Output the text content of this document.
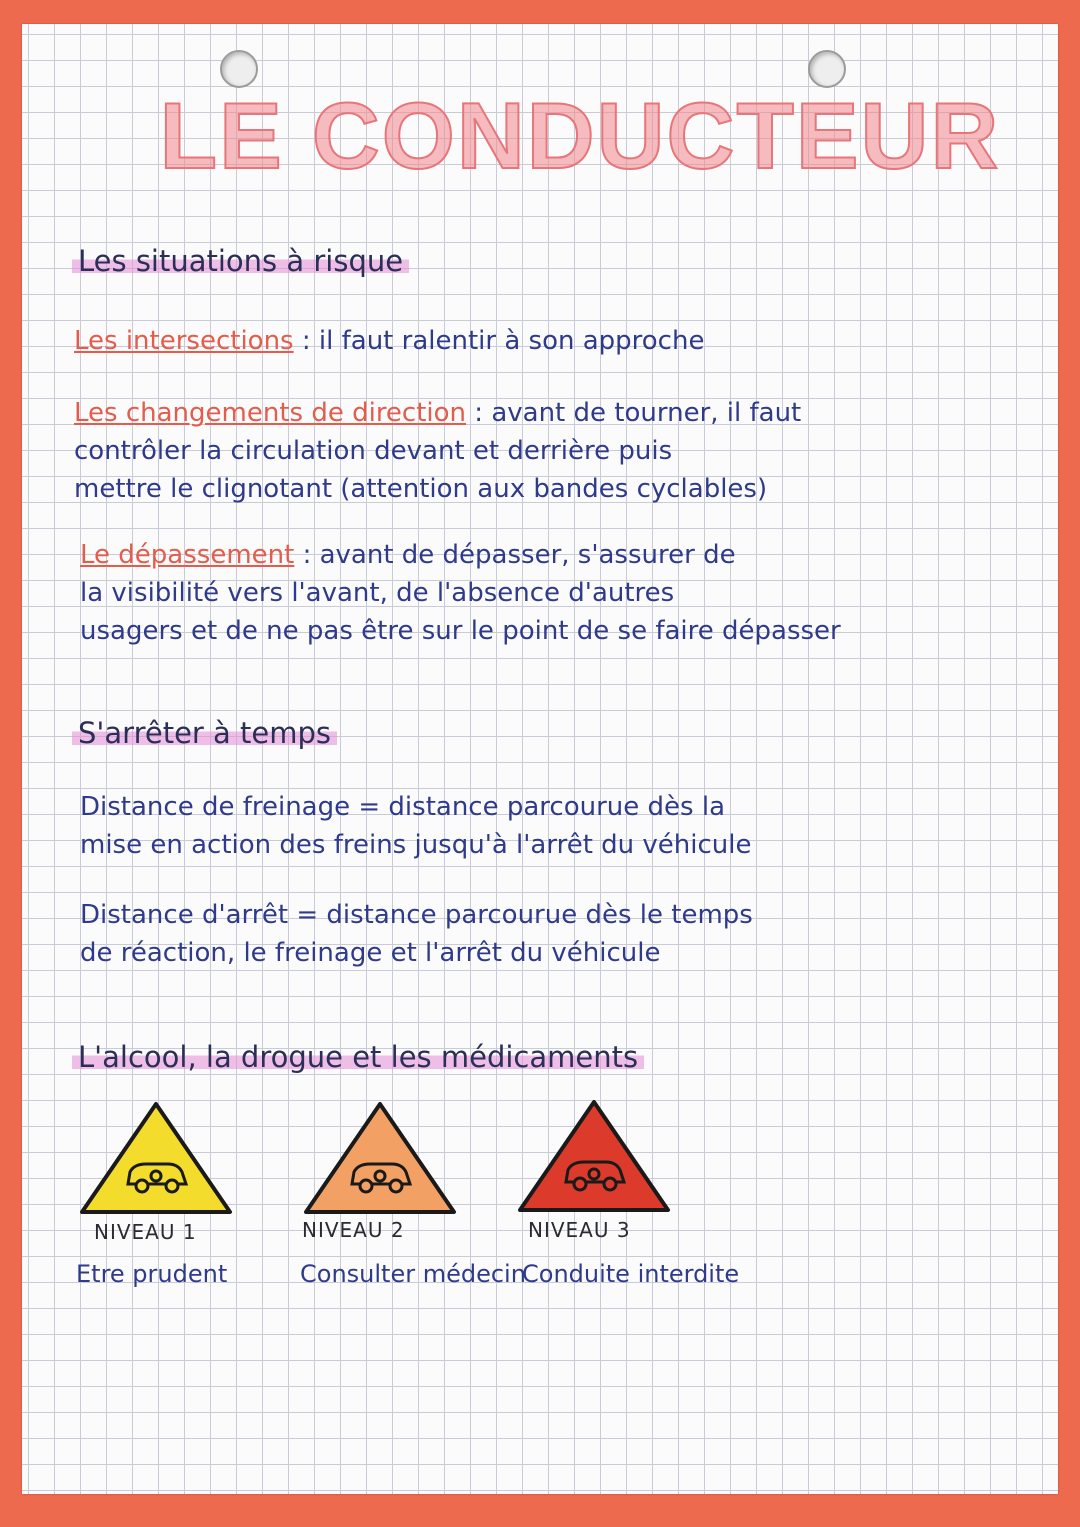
LE CONDUCTEUR
Les situations à risque
Les intersections : il faut ralentir à son approche
Les changements de direction : avant de tourner, il faut
contrôler la circulation devant et derrière puis
mettre le clignotant (attention aux bandes cyclables)
Le dépassement : avant de dépasser, s'assurer de
la visibilité vers l'avant, de l'absence d'autres
usagers et de ne pas être sur le point de se faire dépasser
S'arrêter à temps
Distance de freinage = distance parcourue dès la
mise en action des freins jusqu'à l'arrêt du véhicule
Distance d'arrêt = distance parcourue dès le temps
de réaction, le freinage et l'arrêt du véhicule
L'alcool, la drogue et les médicaments
NIVEAU 1	NIVEAU 2	NIVEAU 3
Etre prudent	Consulter médecin
Conduite interdite
